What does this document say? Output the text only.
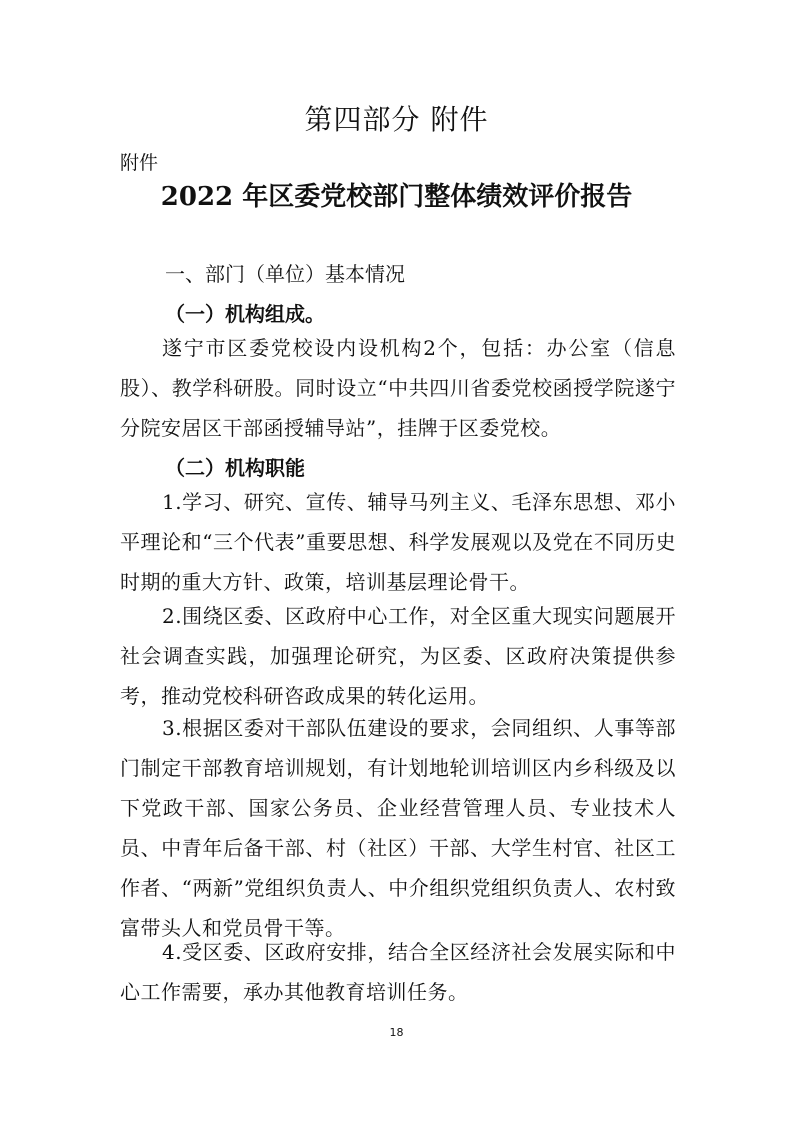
第四部分 附件
附件
2022 年区委党校部门整体绩效评价报告
一、部门（单位）基本情况
（一）机构组成。

遂宁市区委党校设内设机构2个，包括：办公室（信息股）、教学科研股。同时设立“中共四川省委党校函授学院遂宁分院安居区干部函授辅导站”，挂牌于区委党校。

（二）机构职能

1.学习、研究、宣传、辅导马列主义、毛泽东思想、邓小平理论和“三个代表”重要思想、科学发展观以及党在不同历史时期的重大方针、政策，培训基层理论骨干。

2.围绕区委、区政府中心工作，对全区重大现实问题展开社会调查实践，加强理论研究，为区委、区政府决策提供参考，推动党校科研咨政成果的转化运用。

3.根据区委对干部队伍建设的要求，会同组织、人事等部门制定干部教育培训规划，有计划地轮训培训区内乡科级及以下党政干部、国家公务员、企业经营管理人员、专业技术人员、中青年后备干部、村（社区）干部、大学生村官、社区工作者、“两新”党组织负责人、中介组织党组织负责人、农村致富带头人和党员骨干等。

4.受区委、区政府安排，结合全区经济社会发展实际和中心工作需要，承办其他教育培训任务。

18
